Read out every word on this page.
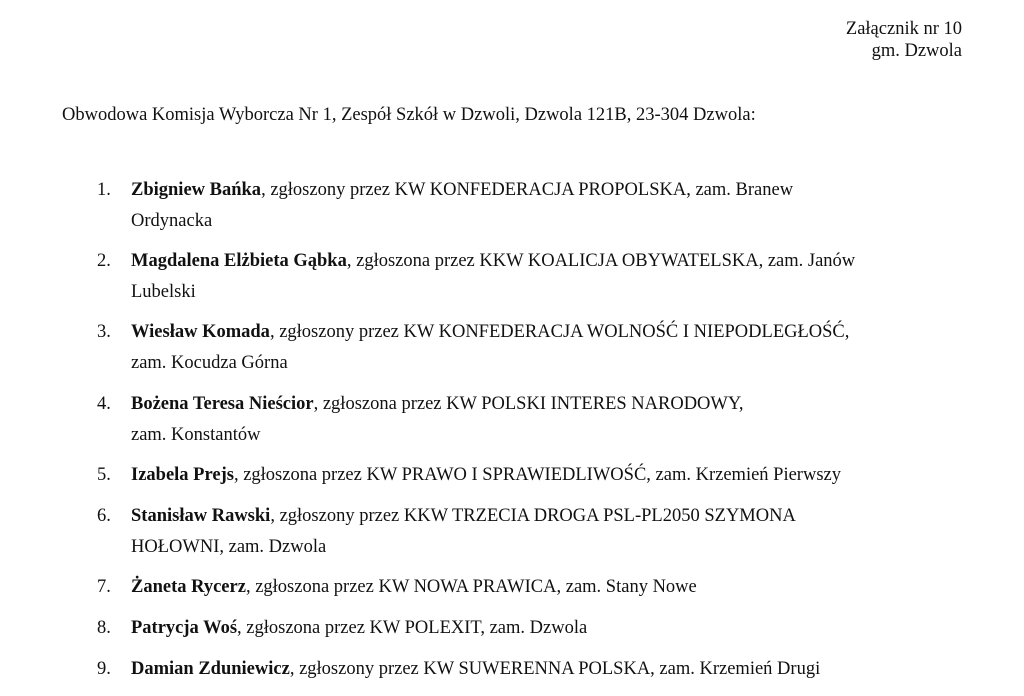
Załącznik nr 10
gm. Dzwola
Obwodowa Komisja Wyborcza Nr 1, Zespół Szkół w Dzwoli, Dzwola 121B, 23-304 Dzwola:
1. Zbigniew Bańka, zgłoszony przez KW KONFEDERACJA PROPOLSKA, zam. Branew
Ordynacka
2. Magdalena Elżbieta Gąbka, zgłoszona przez KKW KOALICJA OBYWATELSKA, zam. Janów
Lubelski
3. Wiesław Komada, zgłoszony przez KW KONFEDERACJA WOLNOŚĆ I NIEPODLEGŁOŚĆ,
zam. Kocudza Górna
4. Bożena Teresa Nieścior, zgłoszona przez KW POLSKI INTERES NARODOWY,
zam. Konstantów
5. Izabela Prejs, zgłoszona przez KW PRAWO I SPRAWIEDLIWOŚĆ, zam. Krzemień Pierwszy
6. Stanisław Rawski, zgłoszony przez KKW TRZECIA DROGA PSL-PL2050 SZYMONA
HOŁOWNI, zam. Dzwola
7. Żaneta Rycerz, zgłoszona przez KW NOWA PRAWICA, zam. Stany Nowe
8. Patrycja Woś, zgłoszona przez KW POLEXIT, zam. Dzwola
9. Damian Zduniewicz, zgłoszony przez KW SUWERENNA POLSKA, zam. Krzemień Drugi
